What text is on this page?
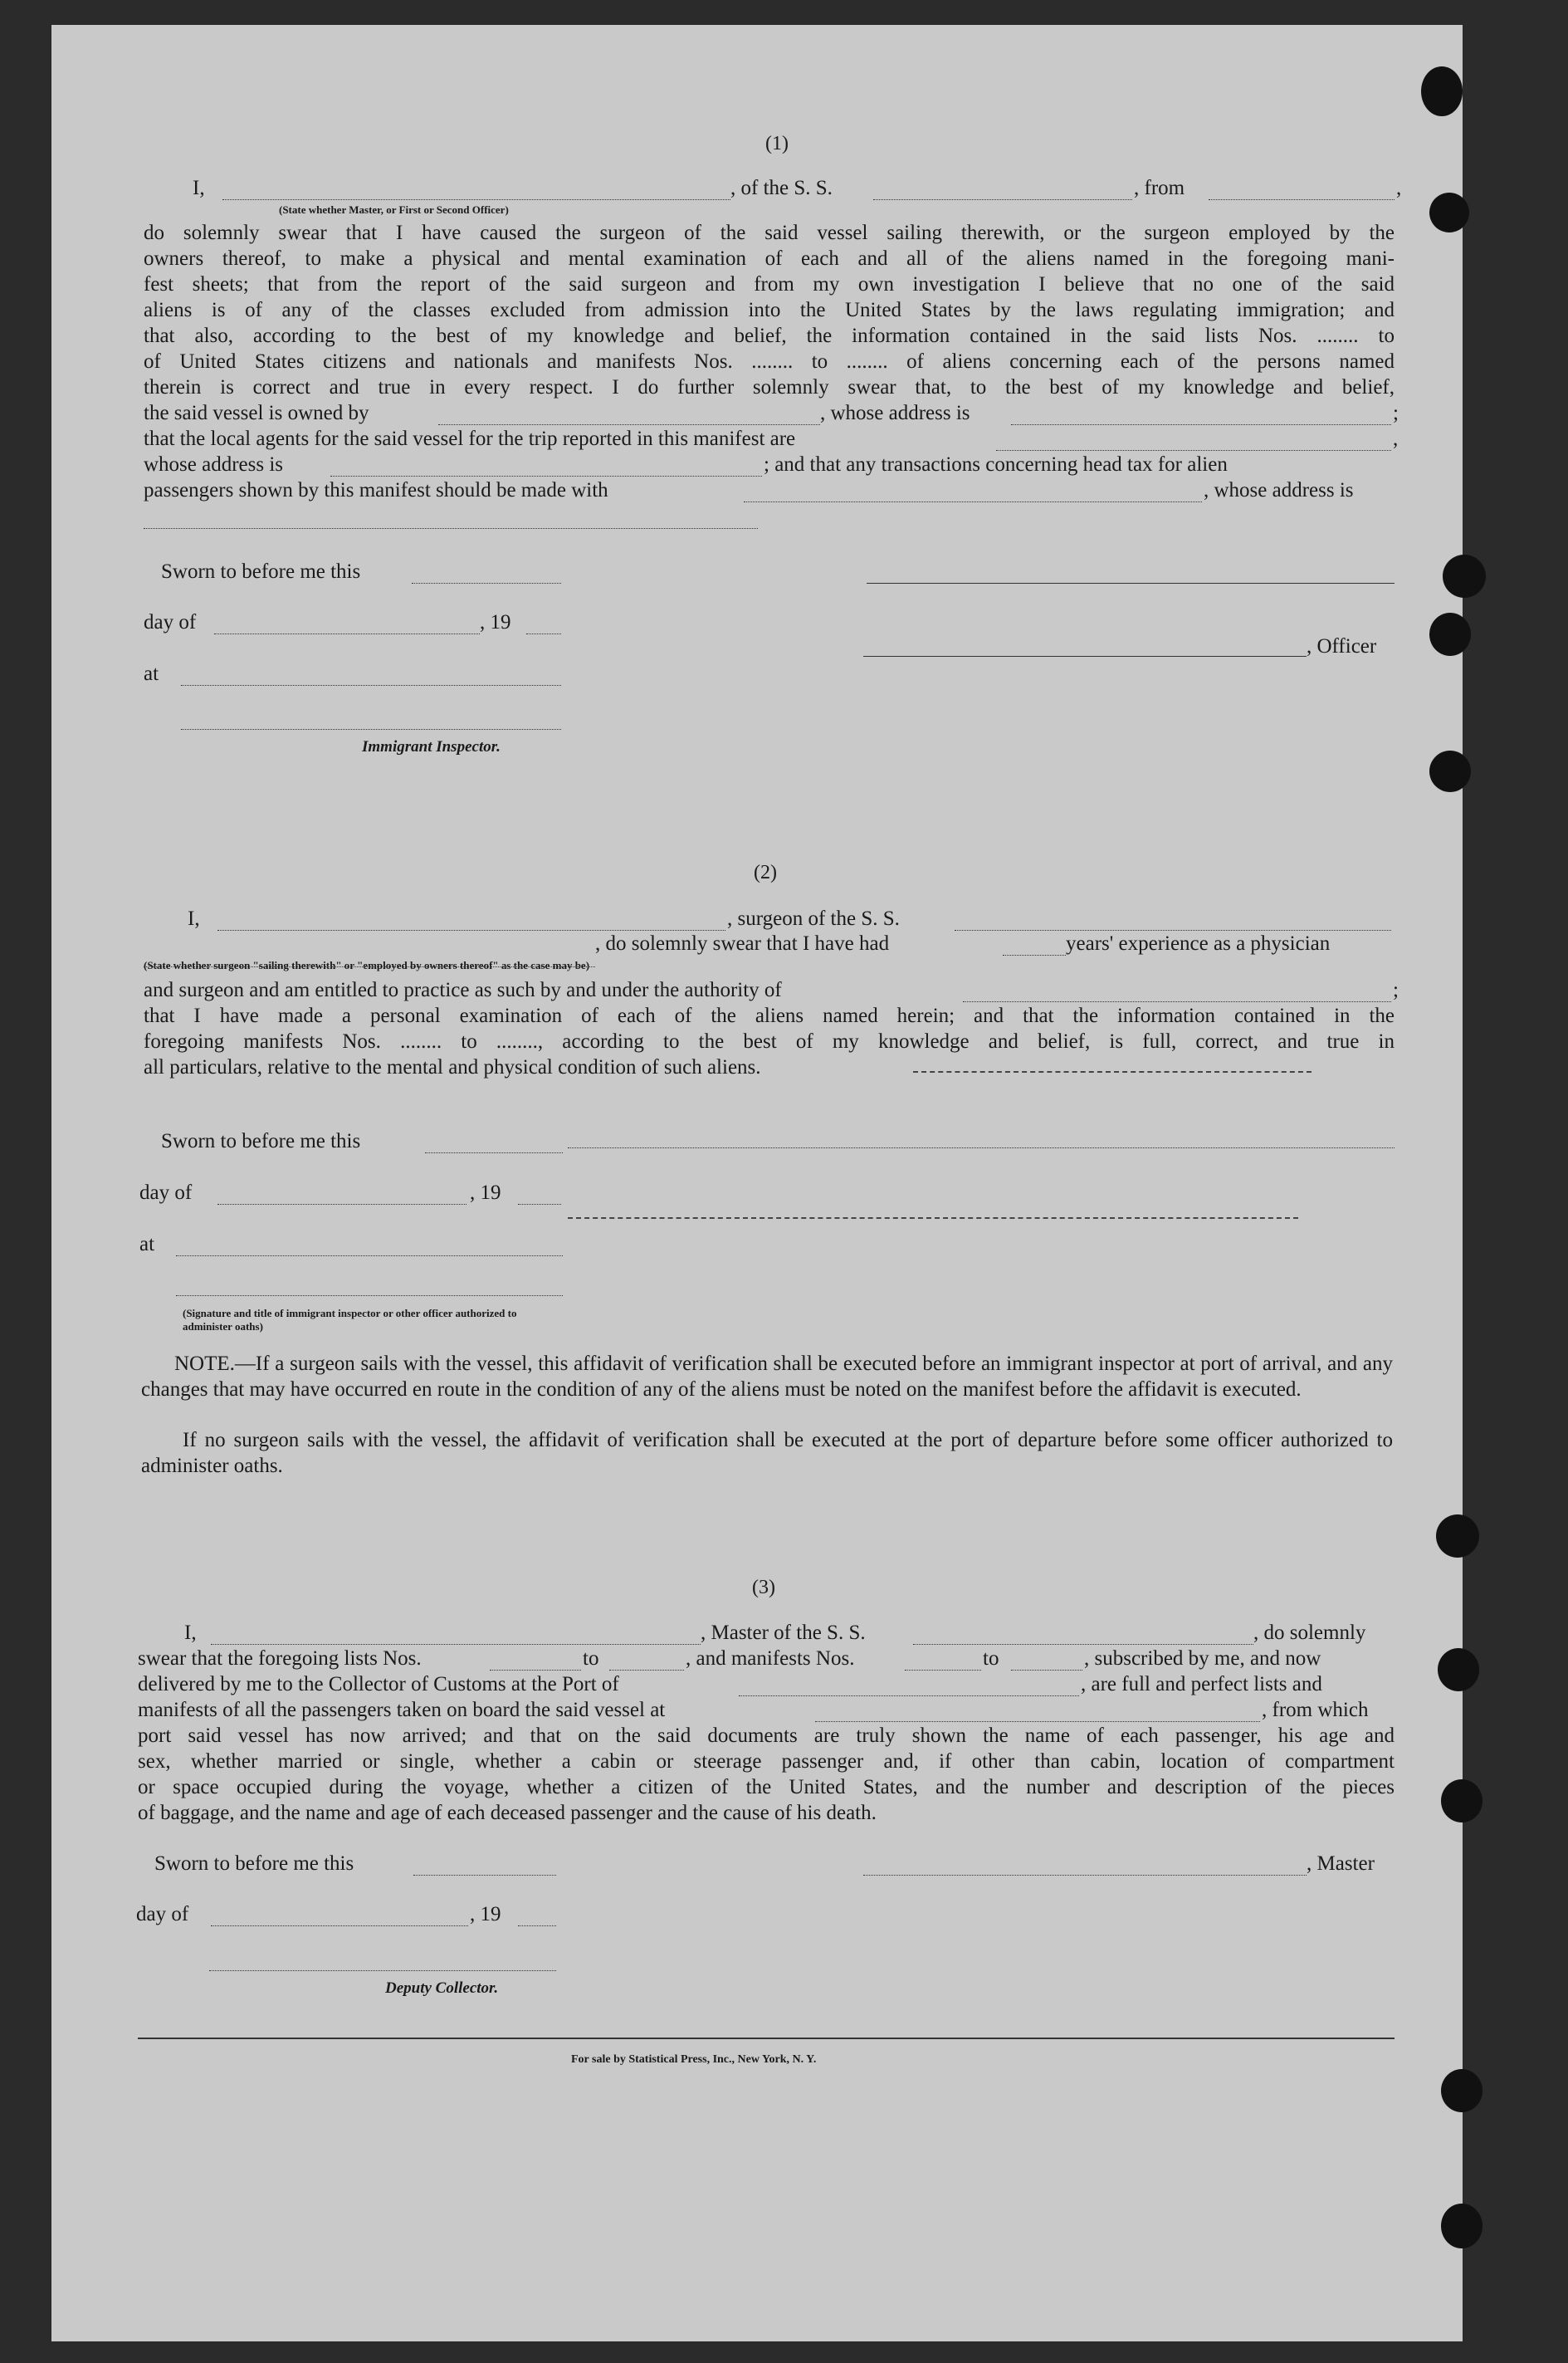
(1)
I,	, of the S. S.	, from	,
(State whether Master, or First or Second Officer)
do solemnly swear that I have caused the surgeon of the said vessel sailing therewith, or the surgeon employed by the
owners thereof, to make a physical and mental examination of each and all of the aliens named in the foregoing mani-
fest sheets; that from the report of the said surgeon and from my own investigation I believe that no one of the said
aliens is of any of the classes excluded from admission into the United States by the laws regulating immigration; and
that also, according to the best of my knowledge and belief, the information contained in the said lists Nos. ........ to
of United States citizens and nationals and manifests Nos. ........ to ........ of aliens concerning each of the persons named
therein is correct and true in every respect. I do further solemnly swear that, to the best of my knowledge and belief,
the said vessel is owned by	, whose address is	;
that the local agents for the said vessel for the trip reported in this manifest are	,
whose address is	; and that any transactions concerning head tax for alien
passengers shown by this manifest should be made with	, whose address is
Sworn to before me this
day of	, 19
at
, Officer
Immigrant Inspector.
(2)
I,	, surgeon of the S. S.
(State whether surgeon "sailing therewith" or "employed by owners thereof" as the case may be)
, do solemnly swear that I have had	years' experience as a physician
and surgeon and am entitled to practice as such by and under the authority of	;
that I have made a personal examination of each of the aliens named herein; and that the information contained in the
foregoing manifests Nos. ........ to ........, according to the best of my knowledge and belief, is full, correct, and true in
all particulars, relative to the mental and physical condition of such aliens.
Sworn to before me this
day of	, 19
at
(Signature and title of immigrant inspector or other officer authorized to administer oaths)
NOTE.—If a surgeon sails with the vessel, this affidavit of verification shall be executed before an immigrant inspector at port of arrival, and any changes that may have occurred en route in the condition of any of the aliens must be noted on the manifest before the affidavit is executed.
If no surgeon sails with the vessel, the affidavit of verification shall be executed at the port of departure before some officer authorized to administer oaths.
(3)
I,	, Master of the S. S.	, do solemnly
swear that the foregoing lists Nos.	to	, and manifests Nos.	to	, subscribed by me, and now
delivered by me to the Collector of Customs at the Port of	, are full and perfect lists and
manifests of all the passengers taken on board the said vessel at	, from which
port said vessel has now arrived; and that on the said documents are truly shown the name of each passenger, his age and
sex, whether married or single, whether a cabin or steerage passenger and, if other than cabin, location of compartment
or space occupied during the voyage, whether a citizen of the United States, and the number and description of the pieces
of baggage, and the name and age of each deceased passenger and the cause of his death.
Sworn to before me this	, Master
day of	, 19
Deputy Collector.
For sale by Statistical Press, Inc., New York, N. Y.
